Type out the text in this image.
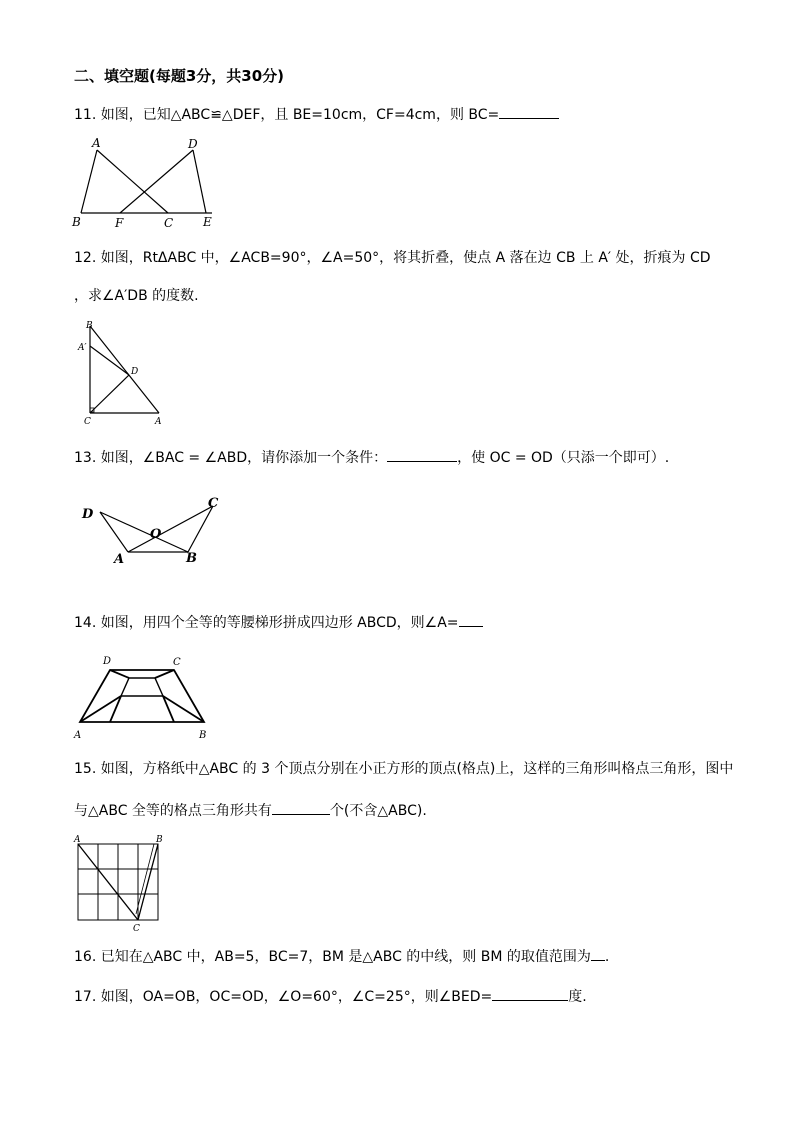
二、填空题(每题3分，共30分)
11. 如图，已知△ABC≌△DEF，且 BE=10cm，CF=4cm，则 BC=
A	D
B	F	C E
12. 如图，RtΔABC 中，∠ACB=90°，∠A=50°，将其折叠，使点 A 落在边 CB 上 A′ 处，折痕为 CD
，求∠A′DB 的度数.
B
A′
D
C	A
13. 如图，∠BAC = ∠ABD，请你添加一个条件：	，使 OC = OD（只添一个即可）.
D
C
O
A	B
14. 如图，用四个全等的等腰梯形拼成四边形 ABCD，则∠A=
D	C
A	B
15. 如图，方格纸中△ABC 的 3 个顶点分别在小正方形的顶点(格点)上，这样的三角形叫格点三角形，图中
与△ABC 全等的格点三角形共有	个(不含△ABC).
A	B
C
16. 已知在△ABC 中，AB=5，BC=7，BM 是△ABC 的中线，则 BM 的取值范围为 .
17. 如图，OA=OB，OC=OD，∠O=60°，∠C=25°，则∠BED=	度.
